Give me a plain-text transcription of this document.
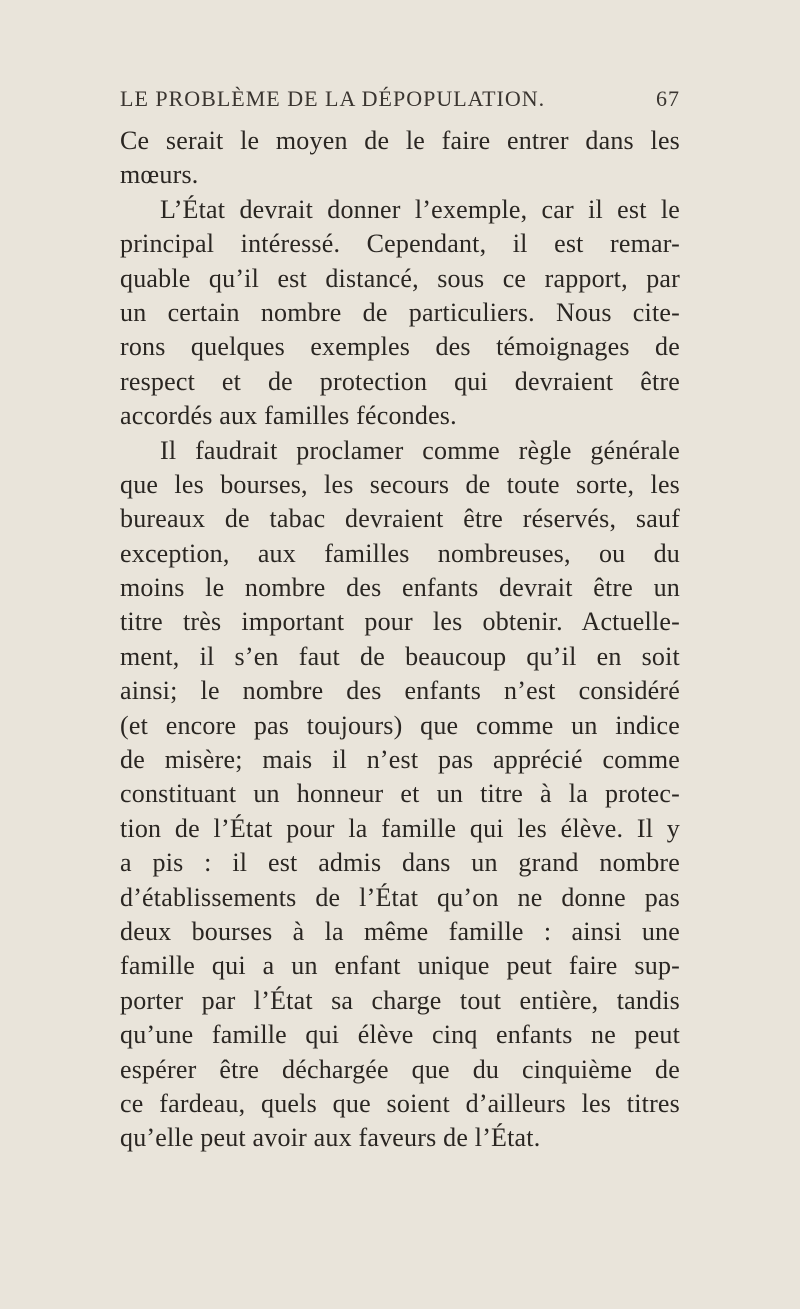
LE PROBLÈME DE LA DÉPOPULATION.	67
Ce serait le moyen de le faire entrer dans les
mœurs.
L’État devrait donner l’exemple, car il est le
principal intéressé. Cependant, il est remar-
quable qu’il est distancé, sous ce rapport, par
un certain nombre de particuliers. Nous cite-
rons quelques exemples des témoignages de
respect et de protection qui devraient être
accordés aux familles fécondes.
Il faudrait proclamer comme règle générale
que les bourses, les secours de toute sorte, les
bureaux de tabac devraient être réservés, sauf
exception, aux familles nombreuses, ou du
moins le nombre des enfants devrait être un
titre très important pour les obtenir. Actuelle-
ment, il s’en faut de beaucoup qu’il en soit
ainsi; le nombre des enfants n’est considéré
(et encore pas toujours) que comme un indice
de misère; mais il n’est pas apprécié comme
constituant un honneur et un titre à la protec-
tion de l’État pour la famille qui les élève. Il y
a pis : il est admis dans un grand nombre
d’établissements de l’État qu’on ne donne pas
deux bourses à la même famille : ainsi une
famille qui a un enfant unique peut faire sup-
porter par l’État sa charge tout entière, tandis
qu’une famille qui élève cinq enfants ne peut
espérer être déchargée que du cinquième de
ce fardeau, quels que soient d’ailleurs les titres
qu’elle peut avoir aux faveurs de l’État.
